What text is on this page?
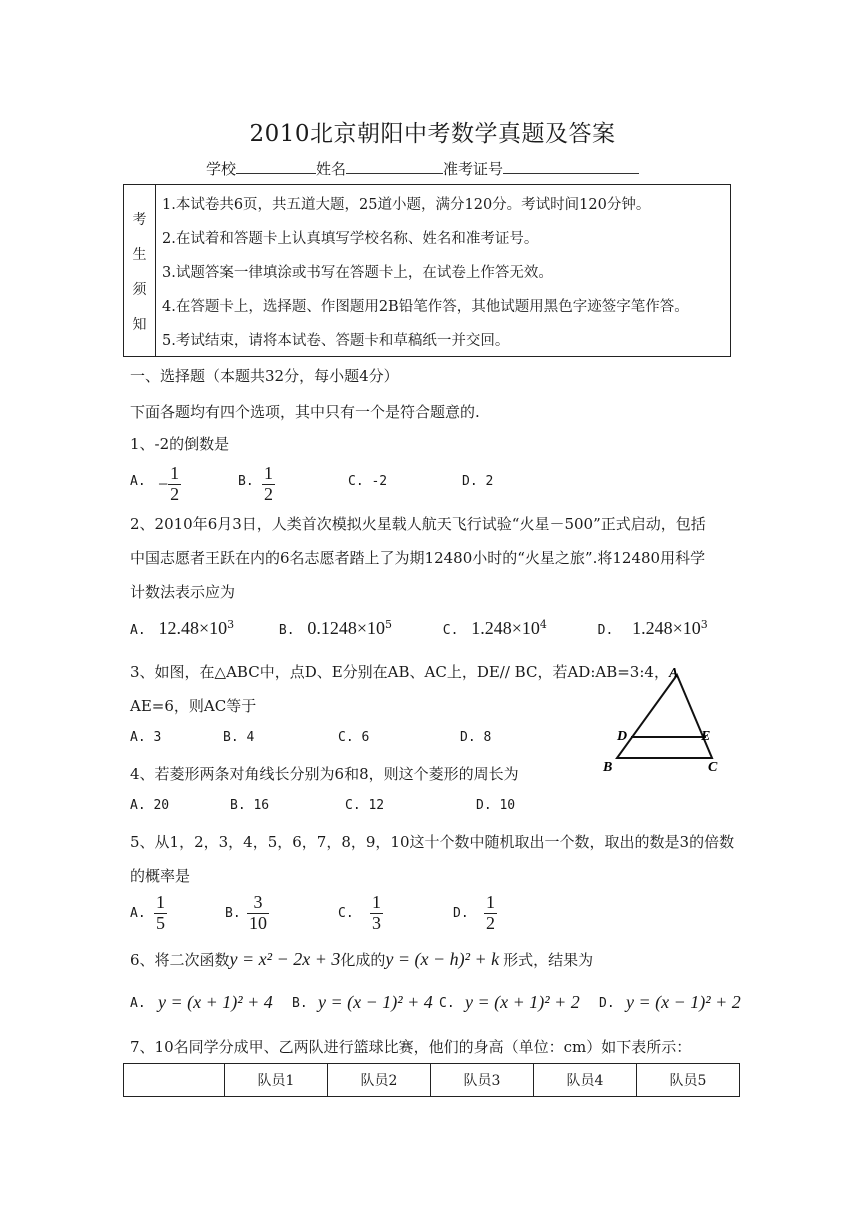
2010北京朝阳中考数学真题及答案
学校	姓名	准考证号
考
生
须
知
1.本试卷共6页，共五道大题，25道小题，满分120分。考试时间120分钟。
2.在试着和答题卡上认真填写学校名称、姓名和准考证号。
3.试题答案一律填涂或书写在答题卡上，在试卷上作答无效。
4.在答题卡上，选择题、作图题用2B铅笔作答，其他试题用黑色字迹签字笔作答。
5.考试结束，请将本试卷、答题卡和草稿纸一并交回。
一、选择题（本题共32分，每小题4分）
下面各题均有四个选项，其中只有一个是符合题意的.
1、-2的倒数是
A. − $\frac{1}{2}$	B. $\frac{1}{2}$	C. -2	D. 2
2、2010年6月3日，人类首次模拟火星载人航天飞行试验“火星－500”正式启动，包括
中国志愿者王跃在内的6名志愿者踏上了为期12480小时的“火星之旅”.将12480用科学
计数法表示应为
A. $12.48\times 10^3$	B. $0.1248\times 10^5$	C. $1.248\times 10^4$	D. $1.248\times 10^3$
3、如图，在△ABC中，点D、E分别在AB、AC上，DE// BC，若AD:AB=3:4，
AE=6，则AC等于
A. 3	B. 4	C. 6	D. 8
A
D	E
B	C
4、若菱形两条对角线长分别为6和8，则这个菱形的周长为
A. 20	B. 16	C. 12	D. 10
5、从1，2，3，4，5，6，7，8，9，10这十个数中随机取出一个数，取出的数是3的倍数
的概率是
A. $\frac{1}{5}$	B. $\frac{3}{10}$	C. $\frac{1}{3}$	D. $\frac{1}{2}$
6、将二次函数y = x² − 2x + 3化成的y = (x − h)² + k 形式，结果为
A. y = (x + 1)² + 4 B. y = (x − 1)² + 4 C. y = (x + 1)² + 2 D. y = (x − 1)² + 2
7、10名同学分成甲、乙两队进行篮球比赛，他们的身高（单位：cm）如下表所示：
	队员1	队员2	队员3	队员4	队员5
